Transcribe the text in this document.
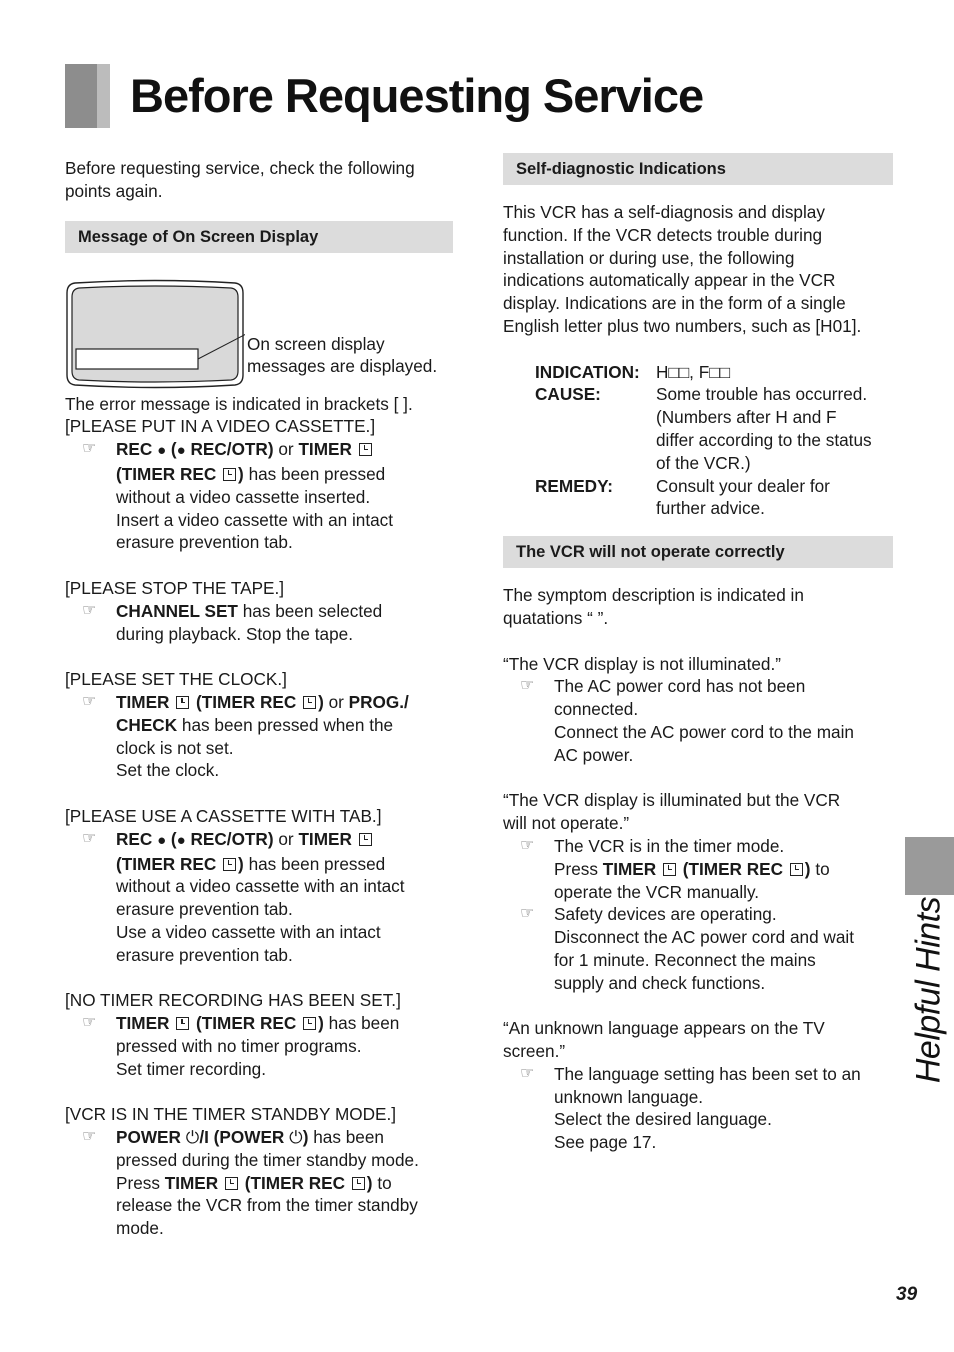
Before Requesting Service

Before requesting service, check the following

points again.

Message of On Screen Display

On screen display

messages are displayed.

The error message is indicated in brackets [ ].

[PLEASE PUT IN A VIDEO CASSETTE.]

☞ REC ● (● REC/OTR) or TIMER
(TIMER REC ) has been pressed
without a video cassette inserted.
Insert a video cassette with an intact
erasure prevention tab.

[PLEASE STOP THE TAPE.]

☞ CHANNEL SET has been selected
during playback. Stop the tape.

[PLEASE SET THE CLOCK.]

☞ TIMER (TIMER REC ) or PROG./
CHECK has been pressed when the
clock is not set.
Set the clock.

[PLEASE USE A CASSETTE WITH TAB.]

☞ REC ● (● REC/OTR) or TIMER
(TIMER REC ) has been pressed
without a video cassette with an intact
erasure prevention tab.
Use a video cassette with an intact
erasure prevention tab.

[NO TIMER RECORDING HAS BEEN SET.]

☞ TIMER (TIMER REC ) has been
pressed with no timer programs.
Set timer recording.

[VCR IS IN THE TIMER STANDBY MODE.]

☞ POWER ⏻/I (POWER ⏻) has been
pressed during the timer standby mode.
Press TIMER (TIMER REC ) to
release the VCR from the timer standby
mode.
Self-diagnostic Indications

This VCR has a self-diagnosis and display

function. If the VCR detects trouble during

installation or during use, the following

indications automatically appear in the VCR

display. Indications are in the form of a single

English letter plus two numbers, such as [H01].

INDICATION: H□□, F□□
CAUSE:	Some trouble has occurred.
(Numbers after H and F
differ according to the status
of the VCR.)
REMEDY:	Consult your dealer for
further advice.
The VCR will not operate correctly

The symptom description is indicated in

quatations “ ”.

“The VCR display is not illuminated.”

☞ The AC power cord has not been
connected.
Connect the AC power cord to the main
AC power.

“The VCR display is illuminated but the VCR

will not operate.”

☞ The VCR is in the timer mode.
Press TIMER (TIMER REC ) to
operate the VCR manually.
☞ Safety devices are operating.
Disconnect the AC power cord and wait
for 1 minute. Reconnect the mains
supply and check functions.

“An unknown language appears on the TV

screen.”

☞ The language setting has been set to an
unknown language.
Select the desired language.
See page 17.
Helpful Hints
39
